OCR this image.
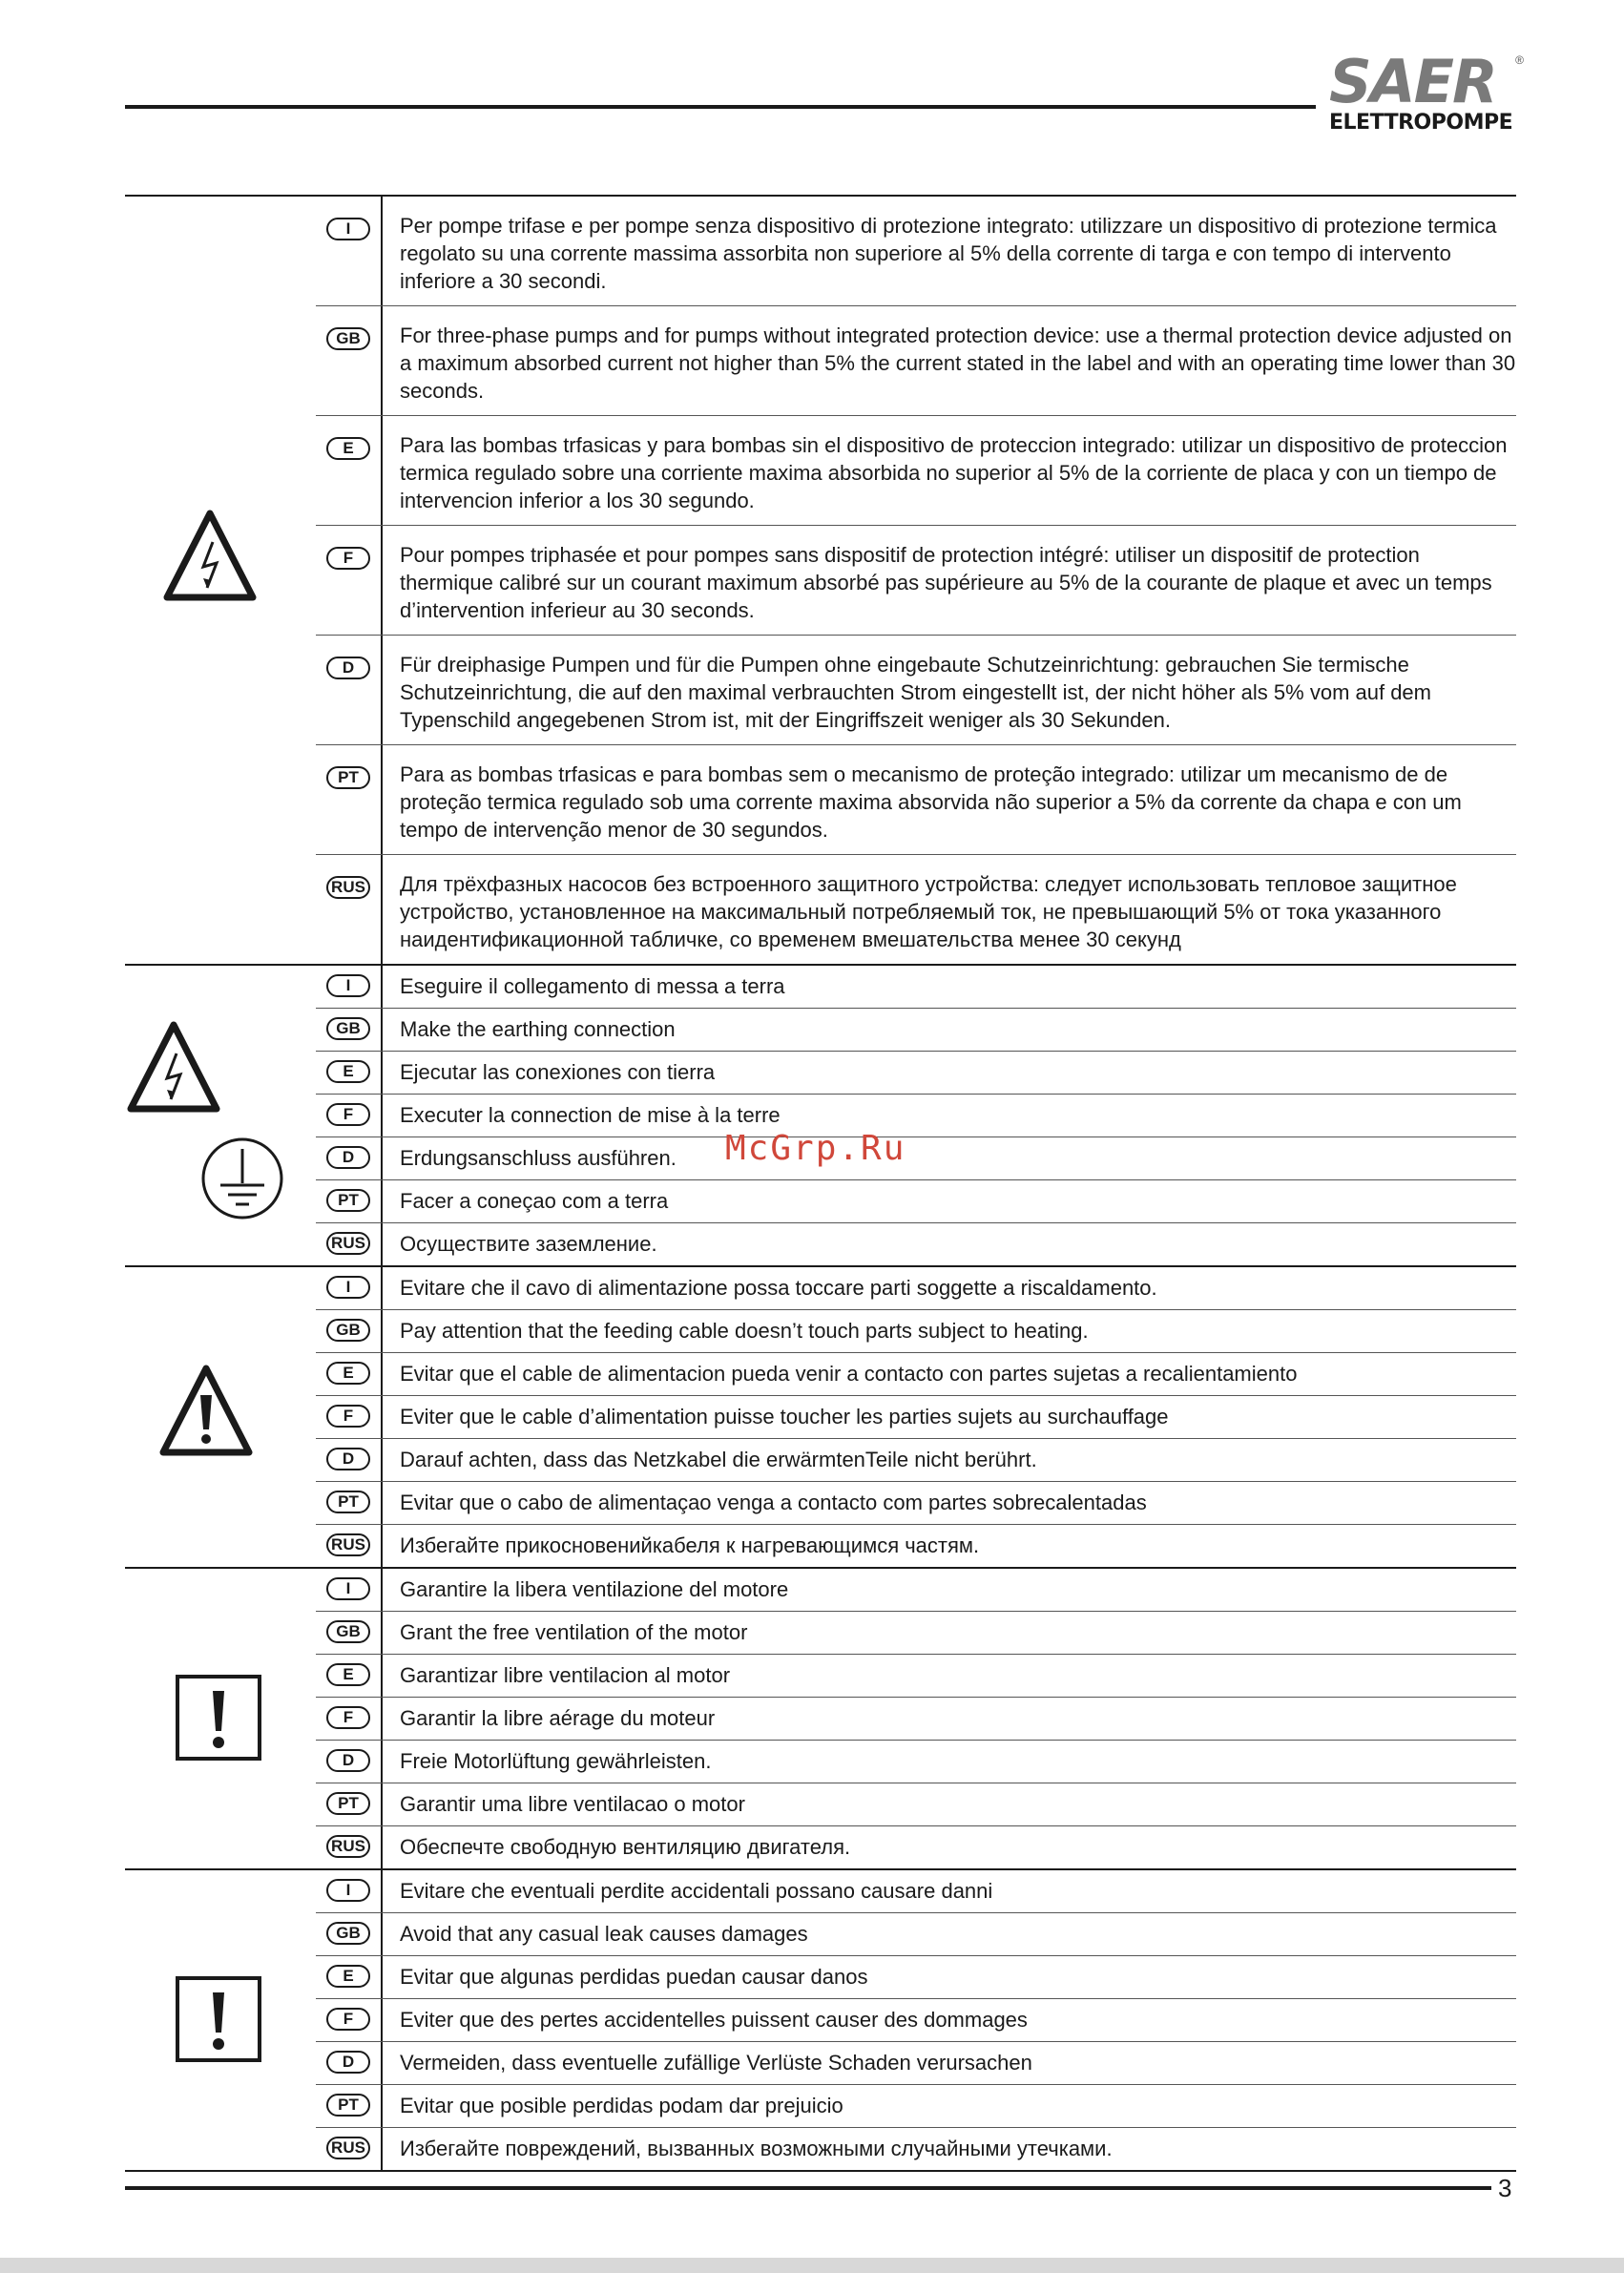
SAER ®
ELETTROPOMPE
I	Per pompe trifase e per pompe senza dispositivo di protezione integrato: utilizzare un dispositivo di protezione termica regolato su una corrente massima assorbita non superiore al 5% della corrente di targa e con tempo di intervento inferiore a 30 secondi.
GB	For three-phase pumps and for pumps without integrated protection device: use a thermal protection device adjusted on a maximum absorbed current not higher than 5% the current stated in the label and with an operating time lower than 30 seconds.
E	Para las bombas trfasicas y para bombas sin el dispositivo de proteccion integrado: utilizar un dispositivo de proteccion termica regulado sobre una corriente maxima absorbida no superior al 5% de la corriente de placa y con un tiempo de intervencion inferior a los 30 segundo.
F	Pour pompes triphasée et pour pompes sans dispositif de protection intégré: utiliser un dispositif de protection thermique calibré sur un courant maximum absorbé pas supérieure au 5% de la courante de plaque et avec un temps d’intervention inferieur au 30 seconds.
D	Für dreiphasige Pumpen und für die Pumpen ohne eingebaute Schutzeinrichtung: gebrauchen Sie termische Schutzeinrichtung, die auf den maximal verbrauchten Strom eingestellt ist, der nicht höher als 5% vom auf dem Typenschild angegebenen Strom ist, mit der Eingriffszeit weniger als 30 Sekunden.
PT	Para as bombas trfasicas e para bombas sem o mecanismo de proteção integrado: utilizar um mecanismo de de proteção termica regulado sob uma corrente maxima absorvida não superior a 5% da corrente da chapa e con um tempo de intervenção menor de 30 segundos.
RUS	Для трёхфазных насосов без встроенного защитного устройства: следует использовать тепловое защитное устройство, установленное на максимальный потребляемый ток, не превышающий 5% от тока указанного наидентификационной табличке, со временем вмешательства менее 30 секунд
I	Eseguire il collegamento di messa a terra
GB	Make the earthing connection
E	Ejecutar las conexiones con tierra
F	Executer la connection de mise à la terre
D	Erdungsanschluss ausführen.
PT	Facer a coneçao com a terra
RUS	Осуществите заземление.
I	Evitare che il cavo di alimentazione possa toccare parti soggette a riscaldamento.
GB	Pay attention that the feeding cable doesn’t touch parts subject to heating.
E	Evitar que el cable de alimentacion pueda venir a contacto con partes sujetas a recalientamiento
F	Eviter que le cable d’alimentation puisse toucher les parties sujets au surchauffage
D	Darauf achten, dass das Netzkabel die erwärmtenTeile nicht berührt.
PT	Evitar que o cabo de alimentaçao venga a contacto com partes sobrecalentadas
RUS	Избегайте прикосновенийкабеля к нагревающимся частям.
I	Garantire la libera ventilazione del motore
GB	Grant the free ventilation of the motor
E	Garantizar libre ventilacion al motor
F	Garantir la libre aérage du moteur
D	Freie Motorlüftung gewährleisten.
PT	Garantir uma libre ventilacao o motor
RUS	Обеспечте свободную вентиляцию двигателя.
I	Evitare che eventuali perdite accidentali possano causare danni
GB	Avoid that any casual leak causes damages
E	Evitar que algunas perdidas puedan causar danos
F	Eviter que des pertes accidentelles puissent causer des dommages
D	Vermeiden, dass eventuelle zufällige Verlüste Schaden verursachen
PT	Evitar que posible perdidas podam dar prejuicio
RUS	Избегайте повреждений, вызванных возможными случайными утечками.
McGrp.Ru
3
